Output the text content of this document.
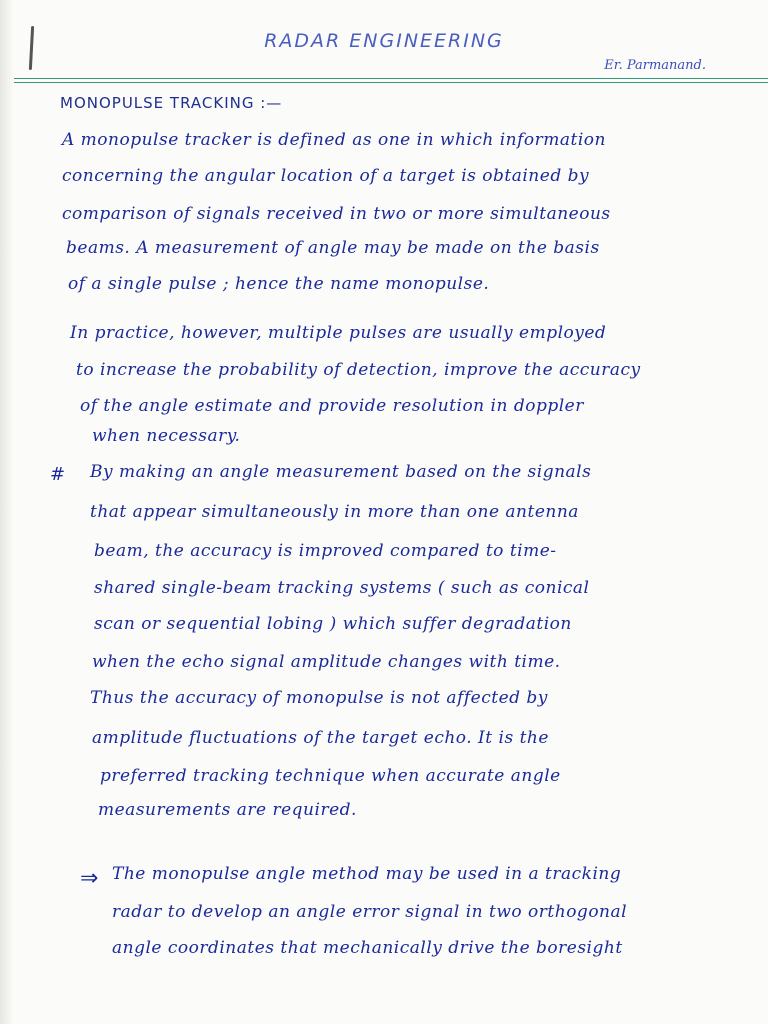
RADAR ENGINEERING
Er. Parmanand.
MONOPULSE TRACKING :—
A monopulse tracker is defined as one in which information
concerning the angular location of a target is obtained by
comparison of signals received in two or more simultaneous
beams. A measurement of angle may be made on the basis
of a single pulse ; hence the name monopulse.
In practice, however, multiple pulses are usually employed
to increase the probability of detection, improve the accuracy
of the angle estimate and provide resolution in doppler
when necessary.
# By making an angle measurement based on the signals
that appear simultaneously in more than one antenna
beam, the accuracy is improved compared to time-
shared single-beam tracking systems ( such as conical
scan or sequential lobing ) which suffer degradation
when the echo signal amplitude changes with time.
Thus the accuracy of monopulse is not affected by
amplitude fluctuations of the target echo. It is the
preferred tracking technique when accurate angle
measurements are required.
⇒ The monopulse angle method may be used in a tracking
radar to develop an angle error signal in two orthogonal
angle coordinates that mechanically drive the boresight
